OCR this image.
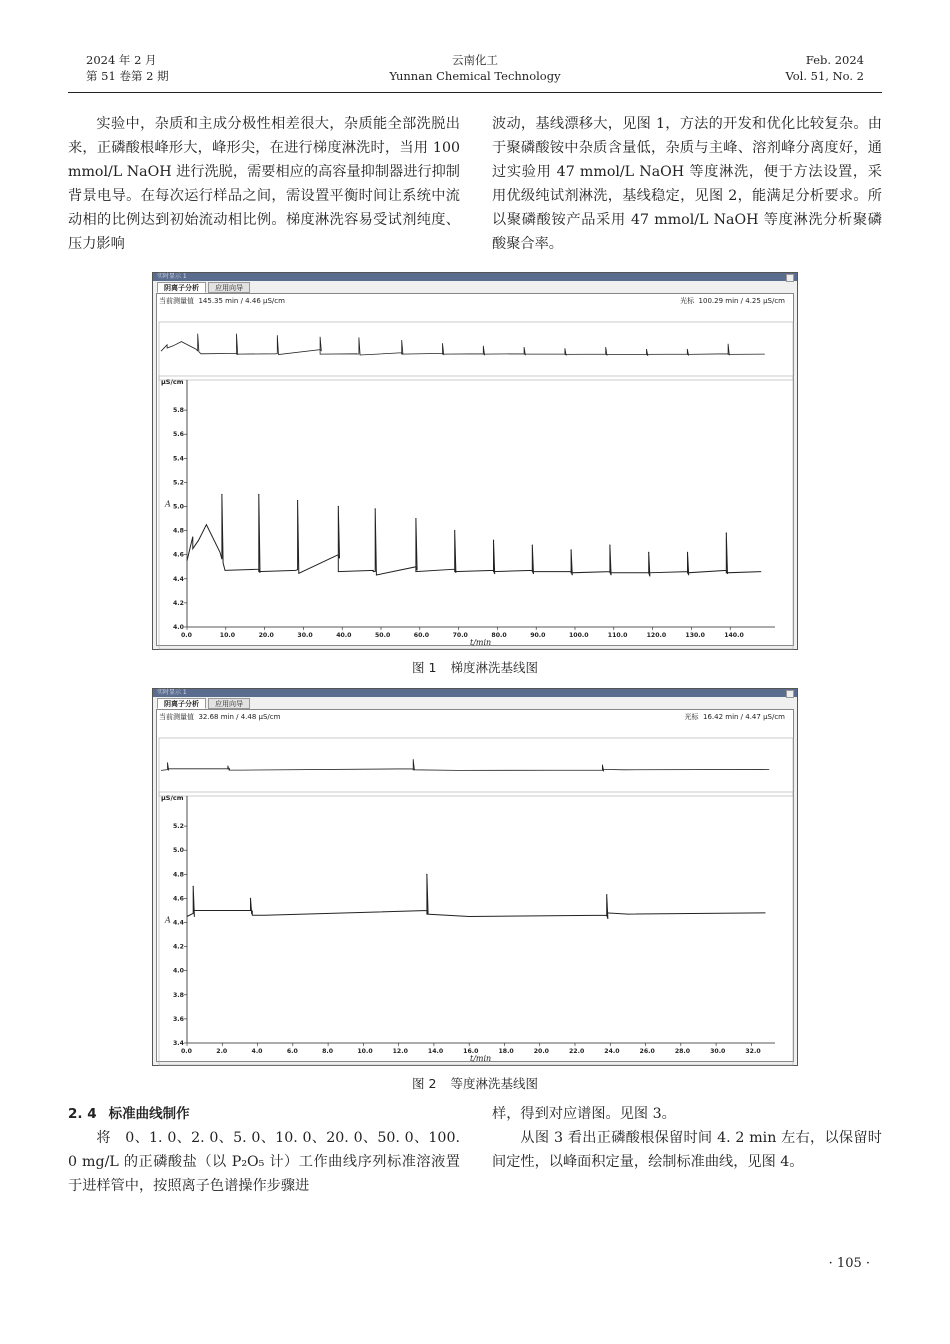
2024 年 2 月
第 51 卷第 2 期
云南化工
Yunnan Chemical Technology
Feb. 2024
Vol. 51, No. 2

实验中，杂质和主成分极性相差很大，杂质能全部洗脱出来，正磷酸根峰形大，峰形尖，在进行梯度淋洗时，当用 100 mmol/L NaOH 进行洗脱，需要相应的高容量抑制器进行抑制背景电导。在每次运行样品之间，需设置平衡时间让系统中流动相的比例达到初始流动相比例。梯度淋洗容易受试剂纯度、压力影响

波动，基线漂移大，见图 1，方法的开发和优化比较复杂。由于聚磷酸铵中杂质含量低，杂质与主峰、溶剂峰分离度好，通过实验用 47 mmol/L NaOH 等度淋洗，便于方法设置，采用优级纯试剂淋洗，基线稳定，见图 2，能满足分析要求。所以聚磷酸铵产品采用 47 mmol/L NaOH 等度淋洗分析聚磷酸聚合率。

实时显示 1
阴离子分析	应用向导
当前测量值 145.35 min / 4.46 μS/cm	光标 100.29 min / 4.25 μS/cm
μS/cm
A
4.0
4.2
4.4
4.6
4.8
5.0
5.2
5.4
5.6
5.8
0.0	10.0	20.0	30.0	40.0	50.0	60.0	70.0	80.0	90.0	100.0	110.0	120.0	130.0	140.0
t/min
图 1 梯度淋洗基线图
实时显示 1
阴离子分析	应用向导
当前测量值 32.68 min / 4.48 μS/cm	光标 16.42 min / 4.47 μS/cm
μS/cm
A
3.4
3.6
3.8
4.0
4.2
4.4
4.6
4.8
5.0
5.2
0.0	2.0	4.0	6.0	8.0	10.0	12.0	14.0	16.0	18.0	20.0	22.0	24.0	26.0	28.0	30.0	32.0
t/min
图 2 等度淋洗基线图

2. 4 标准曲线制作

将　0、1. 0、2. 0、5. 0、10. 0、20. 0、50. 0、100. 0 mg/L 的正磷酸盐（以 P₂O₅ 计）工作曲线序列标准溶液置于进样管中，按照离子色谱操作步骤进

样，得到对应谱图。见图 3。

从图 3 看出正磷酸根保留时间 4. 2 min 左右，以保留时间定性，以峰面积定量，绘制标准曲线，见图 4。

· 105 ·
